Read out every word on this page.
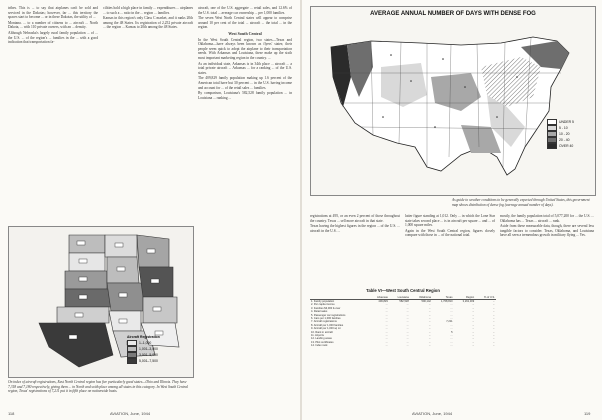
tribes. This is ... to say that airplanes can't be sold and serviced in the Dakotas; however, far ... this territory the spaces start to become ... or in these Dakotas, the utility of ...

Montana. ... to a number of citizens to ... aircraft ... North Dakota, ... with 110 private owners, with an ... density.

Although Nebraska's largely rural family population ... of ... the U.S. ... of the region's ... families in the ... with a good indication that transportation fa-

cilities hold a high place in family ... expenditures ... airplanes ... to such a ... ratio in the ... region ... families.

Kansas in this region's only Class C market, and it ranks 20th among the 48 States. Its registration of 2,252 private aircraft ... the region ... Kansas to 20th among the 48 States.

aircraft, one of the U.S. aggregate ... retail sales, and 12.6% of the U.S. total ... average car ownership ... per 1,000 families.

The seven West North Central states will appear to comprise around 10 per cent of the total ... aircraft ... the total ... in the region.

West South Central

In the West South Central region, two states—Texas and Oklahoma—have always been known as flyers' states; their people seem quick to adopt the airplane to their transportation needs. With Arkansas and Louisiana, these make up the sixth most important marketing region in the country. ...

As an individual state, Arkansas is in 34th place ... aircraft ... a total private aircraft ... Arkansas ... for a ranking ... of the U.S. states.

The 409,829 family population making up 1.6 percent of the American total have but 30 percent ... in the U.S. having income and account for ... of the retail sales ... families.

By comparison, Louisiana's 582,528 family population ... in Louisiana ... ranking ...

Aircraft Registration
1–1,000
1,001–3,000
3,001–5,000
5,001–7,500
On index of aircraft registrations, East North Central region has five particularly good states—Ohio and Illinois. They have 7,318 and 7,180 respectively, giving them ... in North and soith place among all states in this category. In West South Central region, Texas' registrations of 7,211 put it in fifth place on nationwide basis.
118	AVIATION, June, 1944
AVERAGE ANNUAL NUMBER OF DAYS WITH DENSE FOG
UNDER 5
5 - 10
10 - 20
20 - 40
OVER 40
As guide to weather conditions to be generally expected through United States, this government map shows distribution of dense fog (average annual number of days).

registrations at 495, or an even 2 percent of those throughout the country. Texas ... sell more aircraft in that state.

Texas having the highest figures in the region ... of the U.S. ... aircraft in the U.S. ...

latter figure standing at 1,012. Only ... in which the Lone Star state takes second place ... is in aircraft per square ... and ... of 1,000 square miles.

Again in the West South Central region, figures closely compare with those in ... of the national total.

mostly, the family population total of 5,077,200 for ... the U.S. ... Oklahoma has ... Texas ... aircraft ... rank.

Aside from these measurable data, though, there are several less tangible factors to consider. Texas, Oklahoma, and Louisiana have all seen a tremendous growth in military flying ... Yes.

Table VI—West South Central Region
	Arkansas	Louisiana	Oklahoma	Texas	Region	% of U.S.
1. Family population	409,829	582,528	590,142	1,708,810	3,291,309	...
2. Per capita income	...	...	...	...	...	...
3. Families $3,000 & over	...	...	...	...	...	...
4. Retail sales	...	...	...	...	...	...
5. Passenger car registrations	...	...	...	...	...	...
6. Cars per 1,000 families	...	...	...	...	...	...
7. Aircraft registrations	...	...	...	7,211	...	...
8. Aircraft per 1,000 families	...	...	...	...	...	...
9. Aircraft per 1,000 sq mi	...	...	...	...	...	...
10. Rank in aircraft	...	...	...	5	...	...
11. Airports	...	...	...	...	...	...
12. Landing areas	...	...	...	...	...	...
13. Pilot certificates	...	...	...	...	...	...
14. Index rank	...	...	...	...	...	...
AVIATION, June, 1944	119
